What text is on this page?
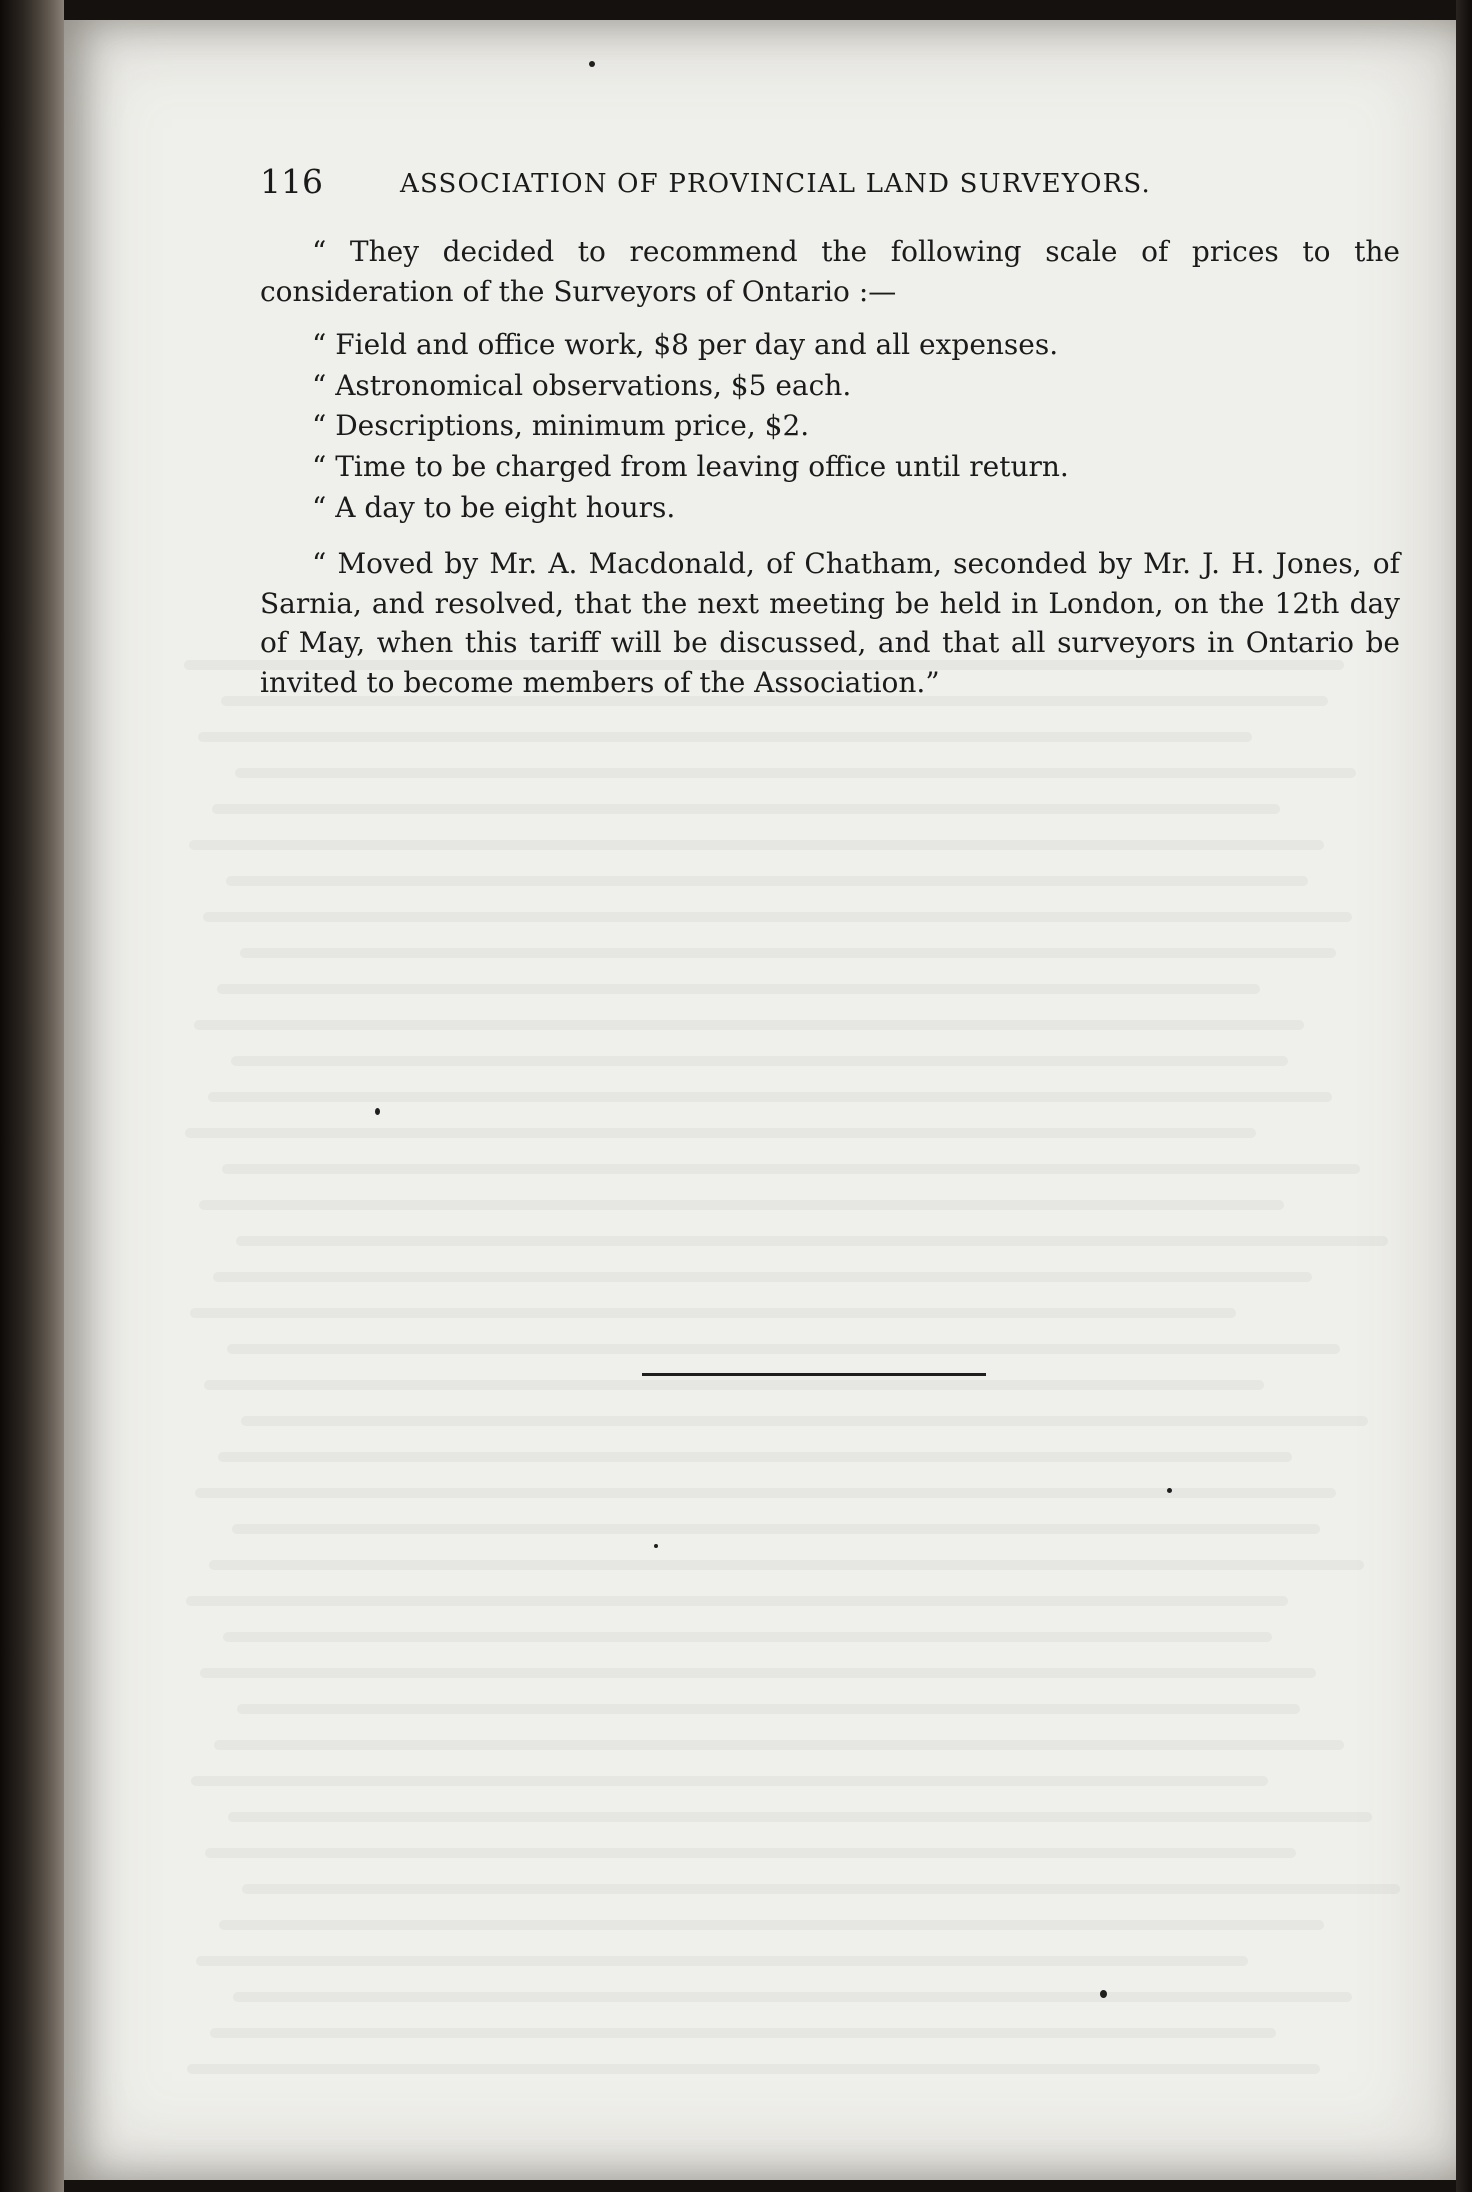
116	ASSOCIATION OF PROVINCIAL LAND SURVEYORS.

“ They decided to recommend the following scale of prices to the consideration of the Surveyors of Ontario :—

“ Field and office work, $8 per day and all expenses.

“ Astronomical observations, $5 each.

“ Descriptions, minimum price, $2.

“ Time to be charged from leaving office until return.

“ A day to be eight hours.

“ Moved by Mr. A. Macdonald, of Chatham, seconded by Mr. J. H. Jones, of Sarnia, and resolved, that the next meeting be held in London, on the 12th day of May, when this tariff will be discussed, and that all surveyors in Ontario be invited to become members of the Association.”
